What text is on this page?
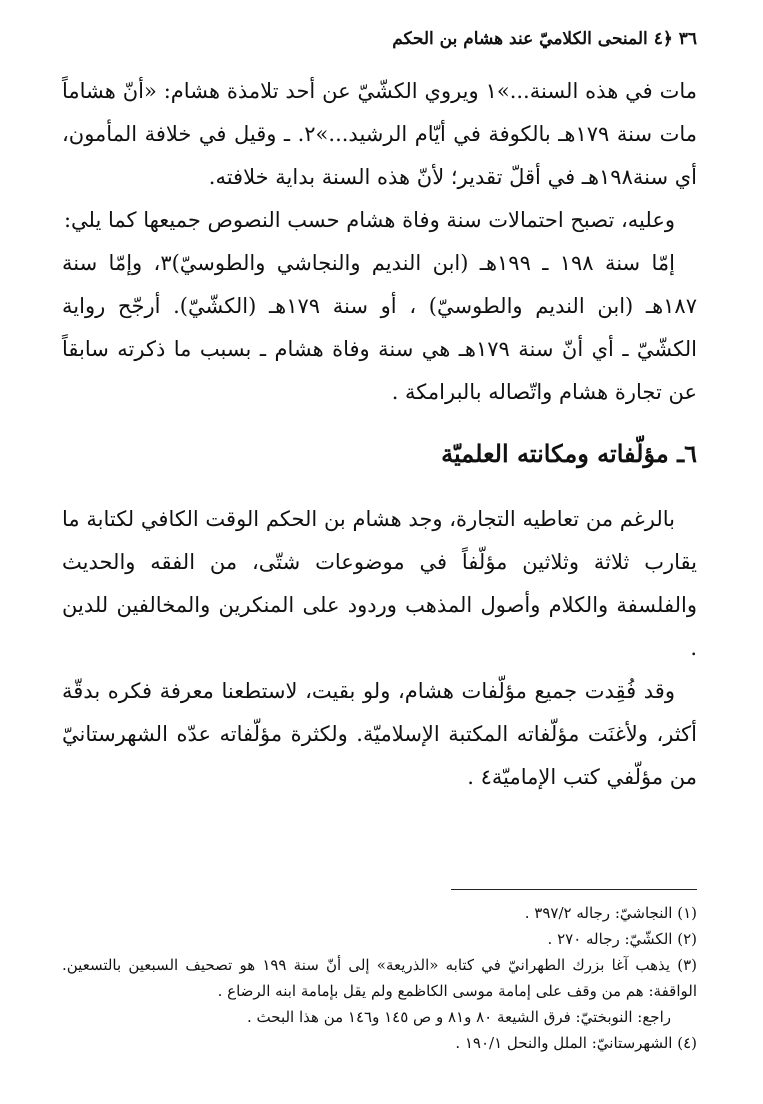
٣٦ ﴿٤ المنحى الكلاميّ عند هشام بن الحكم

مات في هذه السنة...»١ ويروي الكشّيّ عن أحد تلامذة هشام: «أنّ هشاماً مات سنة ١٧٩هـ بالكوفة في أيّام الرشيد...»٢. ـ وقيل في خلافة المأمون، أي سنة١٩٨هـ في أقلّ تقدير؛ لأنّ هذه السنة بداية خلافته.

وعليه، تصبح احتمالات سنة وفاة هشام حسب النصوص جميعها كما يلي:

إمّا سنة ١٩٨ ـ ١٩٩هـ (ابن النديم والنجاشي والطوسيّ)٣، وإمّا سنة ١٨٧هـ (ابن النديم والطوسيّ) ، أو سنة ١٧٩هـ (الكشّيّ). أرجّح رواية الكشّيّ ـ أي أنّ سنة ١٧٩هـ هي سنة وفاة هشام ـ بسبب ما ذكرته سابقاً عن تجارة هشام واتّصاله بالبرامكة .

٦ـ مؤلّفاته ومكانته العلميّة

بالرغم من تعاطيه التجارة، وجد هشام بن الحكم الوقت الكافي لكتابة ما يقارب ثلاثة وثلاثين مؤلّفاً في موضوعات شتّى، من الفقه والحديث والفلسفة والكلام وأصول المذهب وردود على المنكرين والمخالفين للدين .

وقد فُقِدت جميع مؤلّفات هشام، ولو بقيت، لاستطعنا معرفة فكره بدقّة أكثر، ولأغنَت مؤلّفاته المكتبة الإسلاميّة. ولكثرة مؤلّفاته عدّه الشهرستانيّ من مؤلّفي كتب الإماميّة٤ .

(١) النجاشيّ: رجاله ٣٩٧/٢ .

(٢) الكشّيّ: رجاله ٢٧٠ .

(٣) يذهب آغا بزرك الطهرانيّ في كتابه «الذريعة» إلى أنّ سنة ١٩٩ هو تصحيف السبعين بالتسعين. الواقفة: هم من وقف على إمامة موسى الكاظمع ولم يقل بإمامة ابنه الرضاع .

راجع: النوبختيّ: فرق الشيعة ٨٠ و٨١ و ص ١٤٥ و١٤٦ من هذا البحث .

(٤) الشهرستانيّ: الملل والنحل ١٩٠/١ .
